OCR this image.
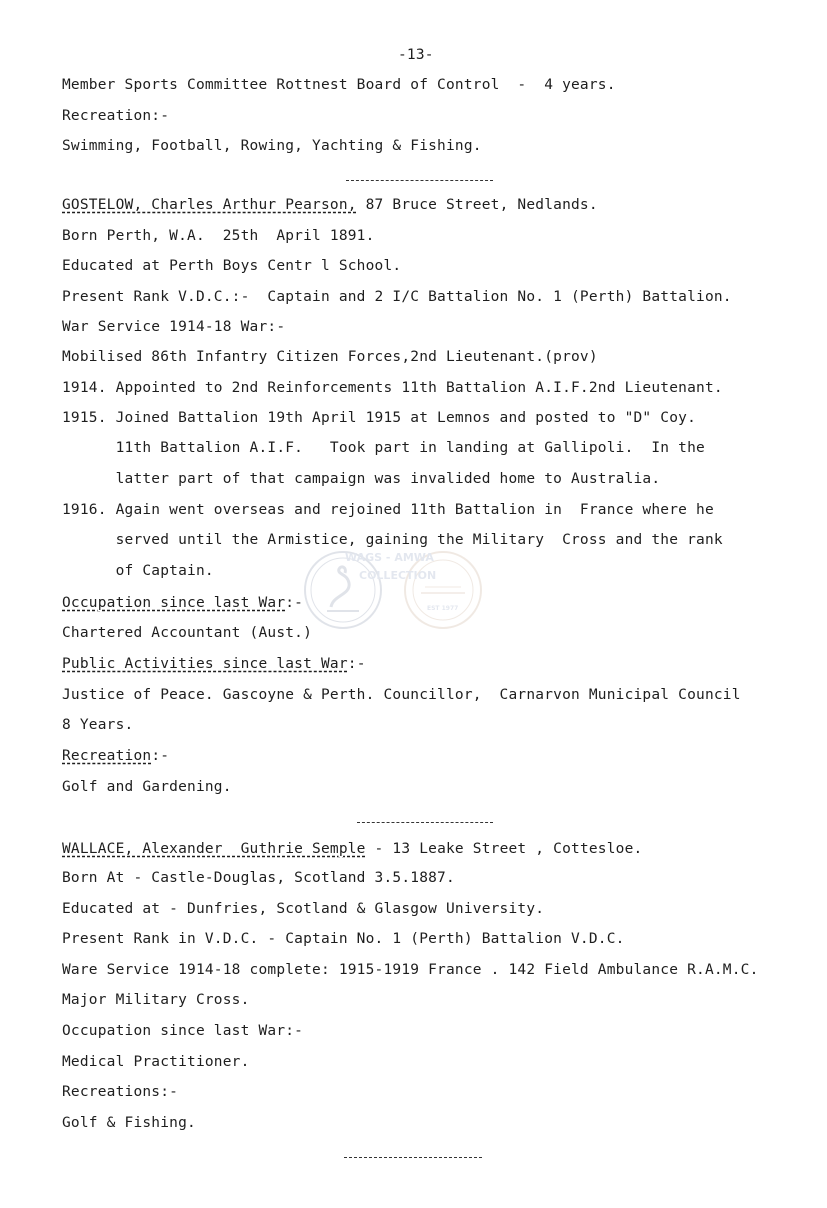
-13-
Member Sports Committee Rottnest Board of Control  -  4 years.
Recreation:-
Swimming, Football, Rowing, Yachting & Fishing.
GOSTELOW, Charles Arthur Pearson, 87 Bruce Street, Nedlands.
Born Perth, W.A.  25th  April 1891.
Educated at Perth Boys Centr l School.
Present Rank V.D.C.:-  Captain and 2 I/C Battalion No. 1 (Perth) Battalion.
War Service 1914-18 War:-
Mobilised 86th Infantry Citizen Forces,2nd Lieutenant.(prov)
1914. Appointed to 2nd Reinforcements 11th Battalion A.I.F.2nd Lieutenant.
1915. Joined Battalion 19th April 1915 at Lemnos and posted to "D" Coy.
11th Battalion A.I.F.   Took part in landing at Gallipoli.  In the
latter part of that campaign was invalided home to Australia.
1916. Again went overseas and rejoined 11th Battalion in  France where he
served until the Armistice, gaining the Military  Cross and the rank
of Captain.
Occupation since last War:-
Chartered Accountant (Aust.)
Public Activities since last War:-
Justice of Peace. Gascoyne & Perth. Councillor,  Carnarvon Municipal Council
8 Years.
Recreation:-
Golf and Gardening.
WALLACE, Alexander  Guthrie Semple - 13 Leake Street , Cottesloe.
Born At - Castle-Douglas, Scotland 3.5.1887.
Educated at - Dunfries, Scotland & Glasgow University.
Present Rank in V.D.C. - Captain No. 1 (Perth) Battalion V.D.C.
Ware Service 1914-18 complete: 1915-1919 France . 142 Field Ambulance R.A.M.C.
Major Military Cross.
Occupation since last War:-
Medical Practitioner.
Recreations:-
Golf & Fishing.
WAGS - AMWA
COLLECTION
EST 1977
